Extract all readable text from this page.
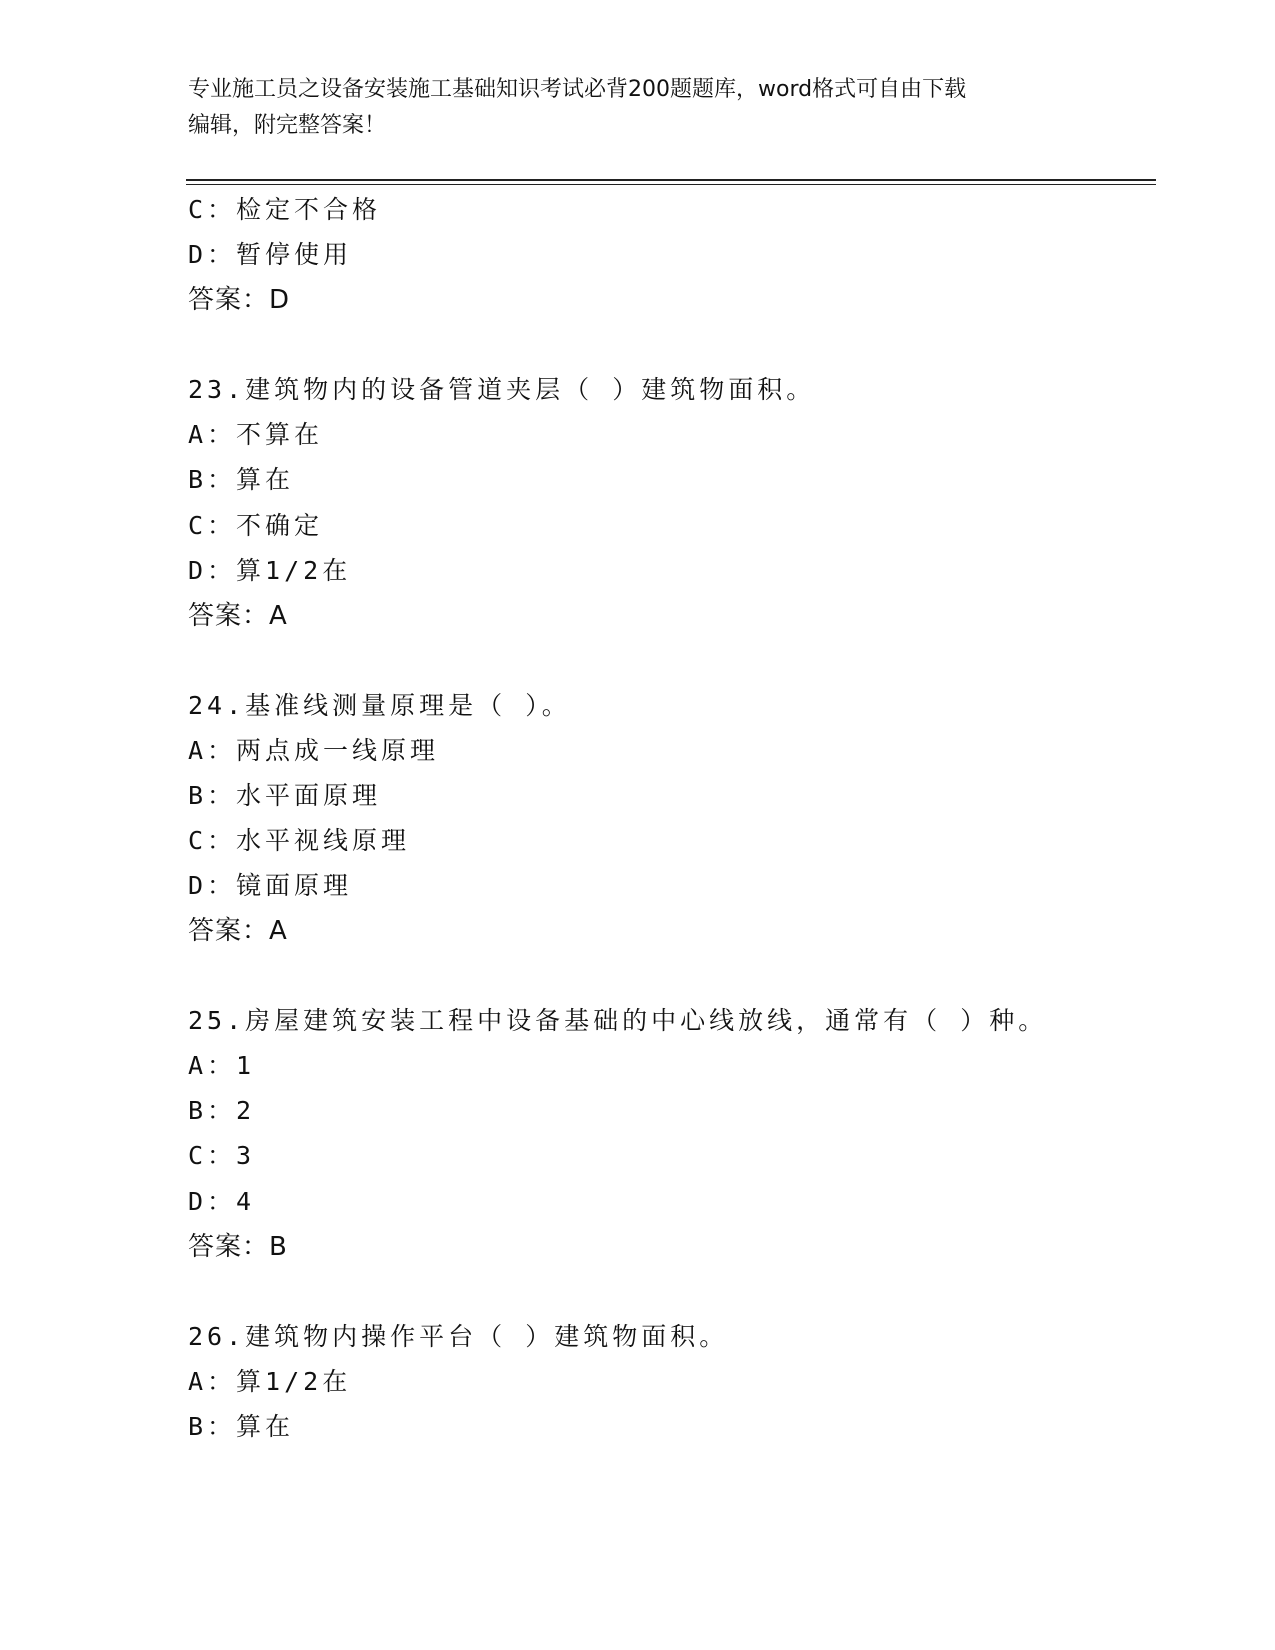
专业施工员之设备安装施工基础知识考试必背200题题库，word格式可自由下载
编辑，附完整答案！
C：检定不合格
D：暂停使用
答案：D
23.建筑物内的设备管道夹层（ ）建筑物面积。
A：不算在
B：算在
C：不确定
D：算1/2在
答案：A
24.基准线测量原理是（ ）。
A：两点成一线原理
B：水平面原理
C：水平视线原理
D：镜面原理
答案：A
25.房屋建筑安装工程中设备基础的中心线放线，通常有（ ）种。
A：1
B：2
C：3
D：4
答案：B
26.建筑物内操作平台（ ）建筑物面积。
A：算1/2在
B：算在
